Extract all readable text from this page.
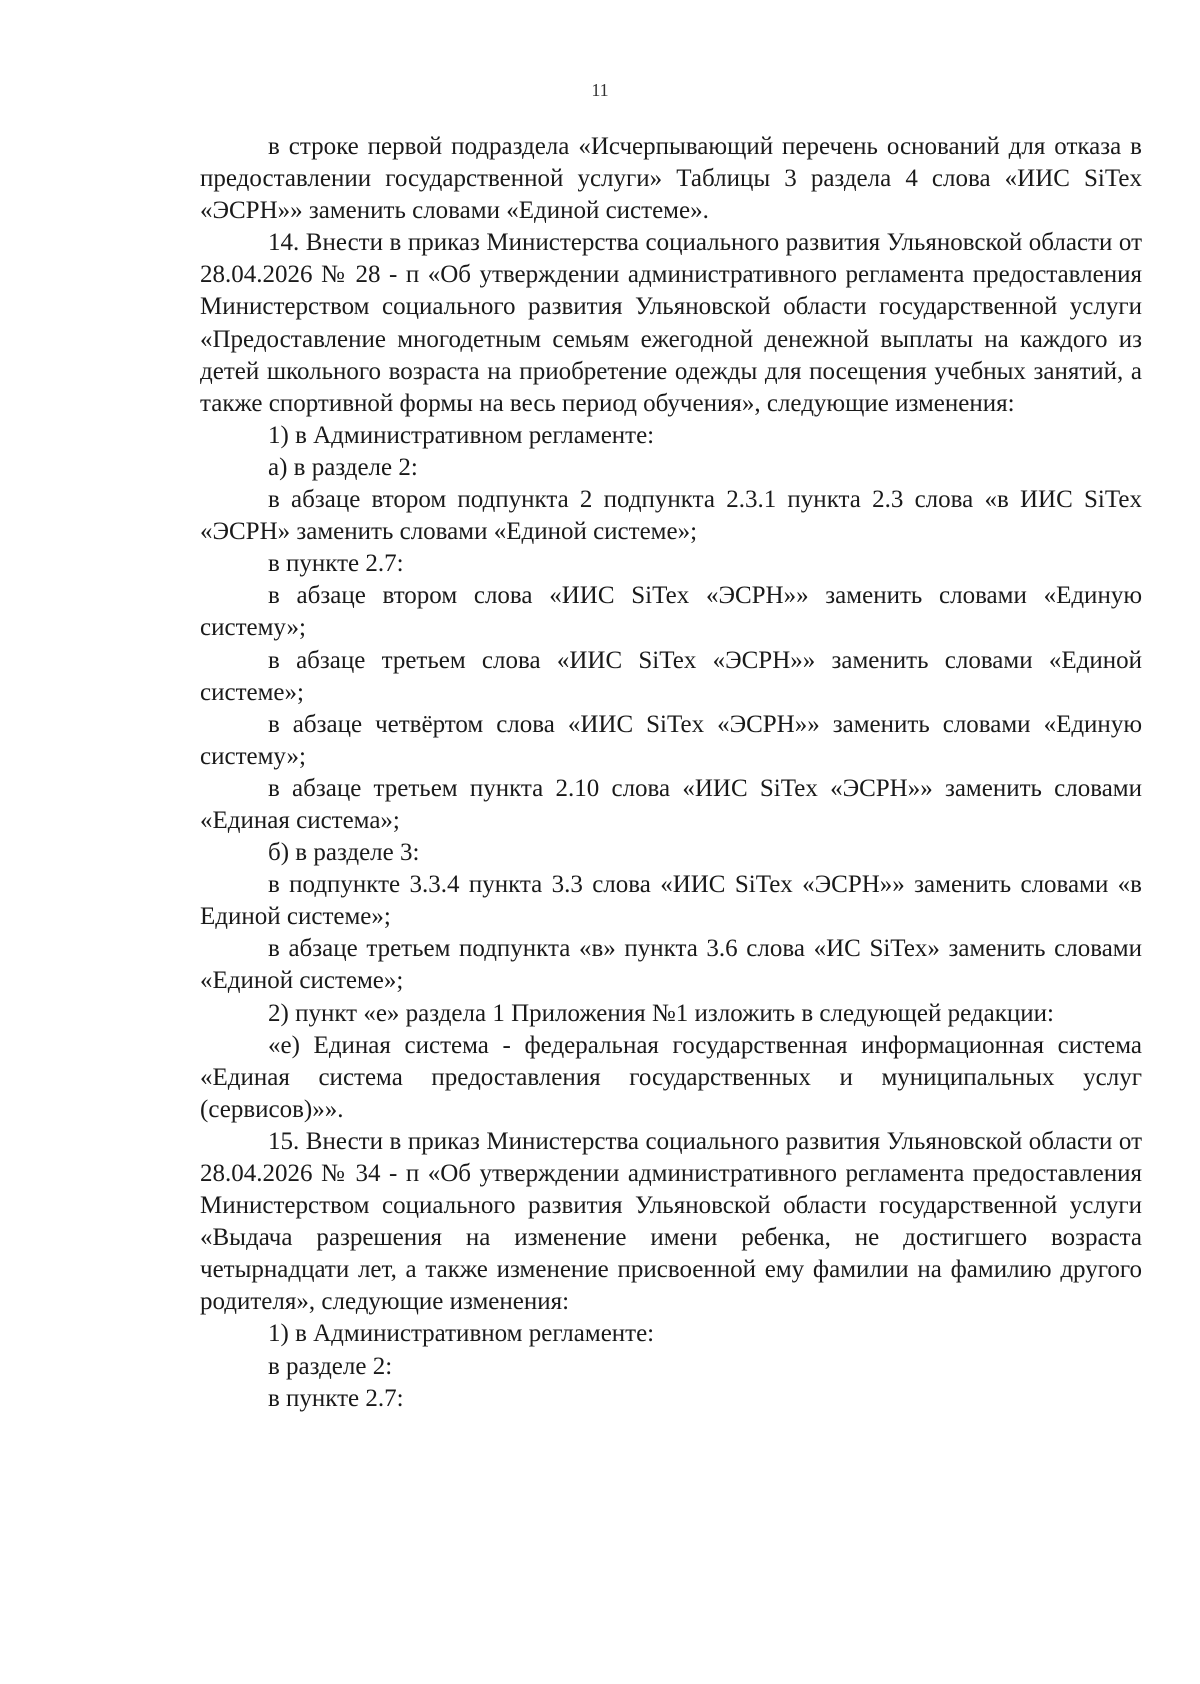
11

в строке первой подраздела «Исчерпывающий перечень оснований для отказа в предоставлении государственной услуги» Таблицы 3 раздела 4 слова «ИИС SiTex «ЭСРН»» заменить словами «Единой системе».

14. Внести в приказ Министерства социального развития Ульяновской области от 28.04.2026 № 28 - п «Об утверждении административного регламента предоставления Министерством социального развития Ульяновской области государственной услуги «Предоставление многодетным семьям ежегодной денежной выплаты на каждого из детей школьного возраста на приобретение одежды для посещения учебных занятий, а также спортивной формы на весь период обучения», следующие изменения:

1) в Административном регламенте:

а) в разделе 2:

в абзаце втором подпункта 2 подпункта 2.3.1 пункта 2.3 слова «в ИИС SiTex «ЭСРН» заменить словами «Единой системе»;

в пункте 2.7:

в абзаце втором слова «ИИС SiTex «ЭСРН»» заменить словами «Единую систему»;

в абзаце третьем слова «ИИС SiTex «ЭСРН»» заменить словами «Единой системе»;

в абзаце четвёртом слова «ИИС SiTex «ЭСРН»» заменить словами «Единую систему»;

в абзаце третьем пункта 2.10 слова «ИИС SiTex «ЭСРН»» заменить словами «Единая система»;

б) в разделе 3:

в подпункте 3.3.4 пункта 3.3 слова «ИИС SiTex «ЭСРН»» заменить словами «в Единой системе»;

в абзаце третьем подпункта «в» пункта 3.6 слова «ИС SiTex» заменить словами «Единой системе»;

2) пункт «е» раздела 1 Приложения №1 изложить в следующей редакции:

«е) Единая система - федеральная государственная информационная система «Единая система предоставления государственных и муниципальных услуг (сервисов)»».

15. Внести в приказ Министерства социального развития Ульяновской области от 28.04.2026 № 34 - п «Об утверждении административного регламента предоставления Министерством социального развития Ульяновской области государственной услуги «Выдача разрешения на изменение имени ребенка, не достигшего возраста четырнадцати лет, а также изменение присвоенной ему фамилии на фамилию другого родителя», следующие изменения:

1) в Административном регламенте:

в разделе 2:

в пункте 2.7:
